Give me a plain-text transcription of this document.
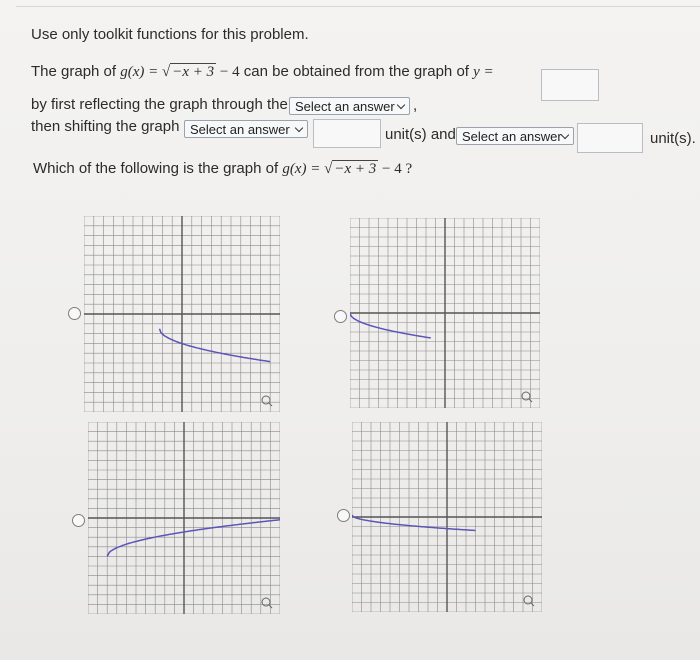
Use only toolkit functions for this problem.
The graph of g(x) = √ −x + 3 − 4 can be obtained from the graph of y =
by first reflecting the graph through the Select an answer	,
then shifting the graph Select an answer	unit(s) and Select an answer	unit(s).
Which of the following is the graph of g(x) = √ −x + 3 − 4 ?
